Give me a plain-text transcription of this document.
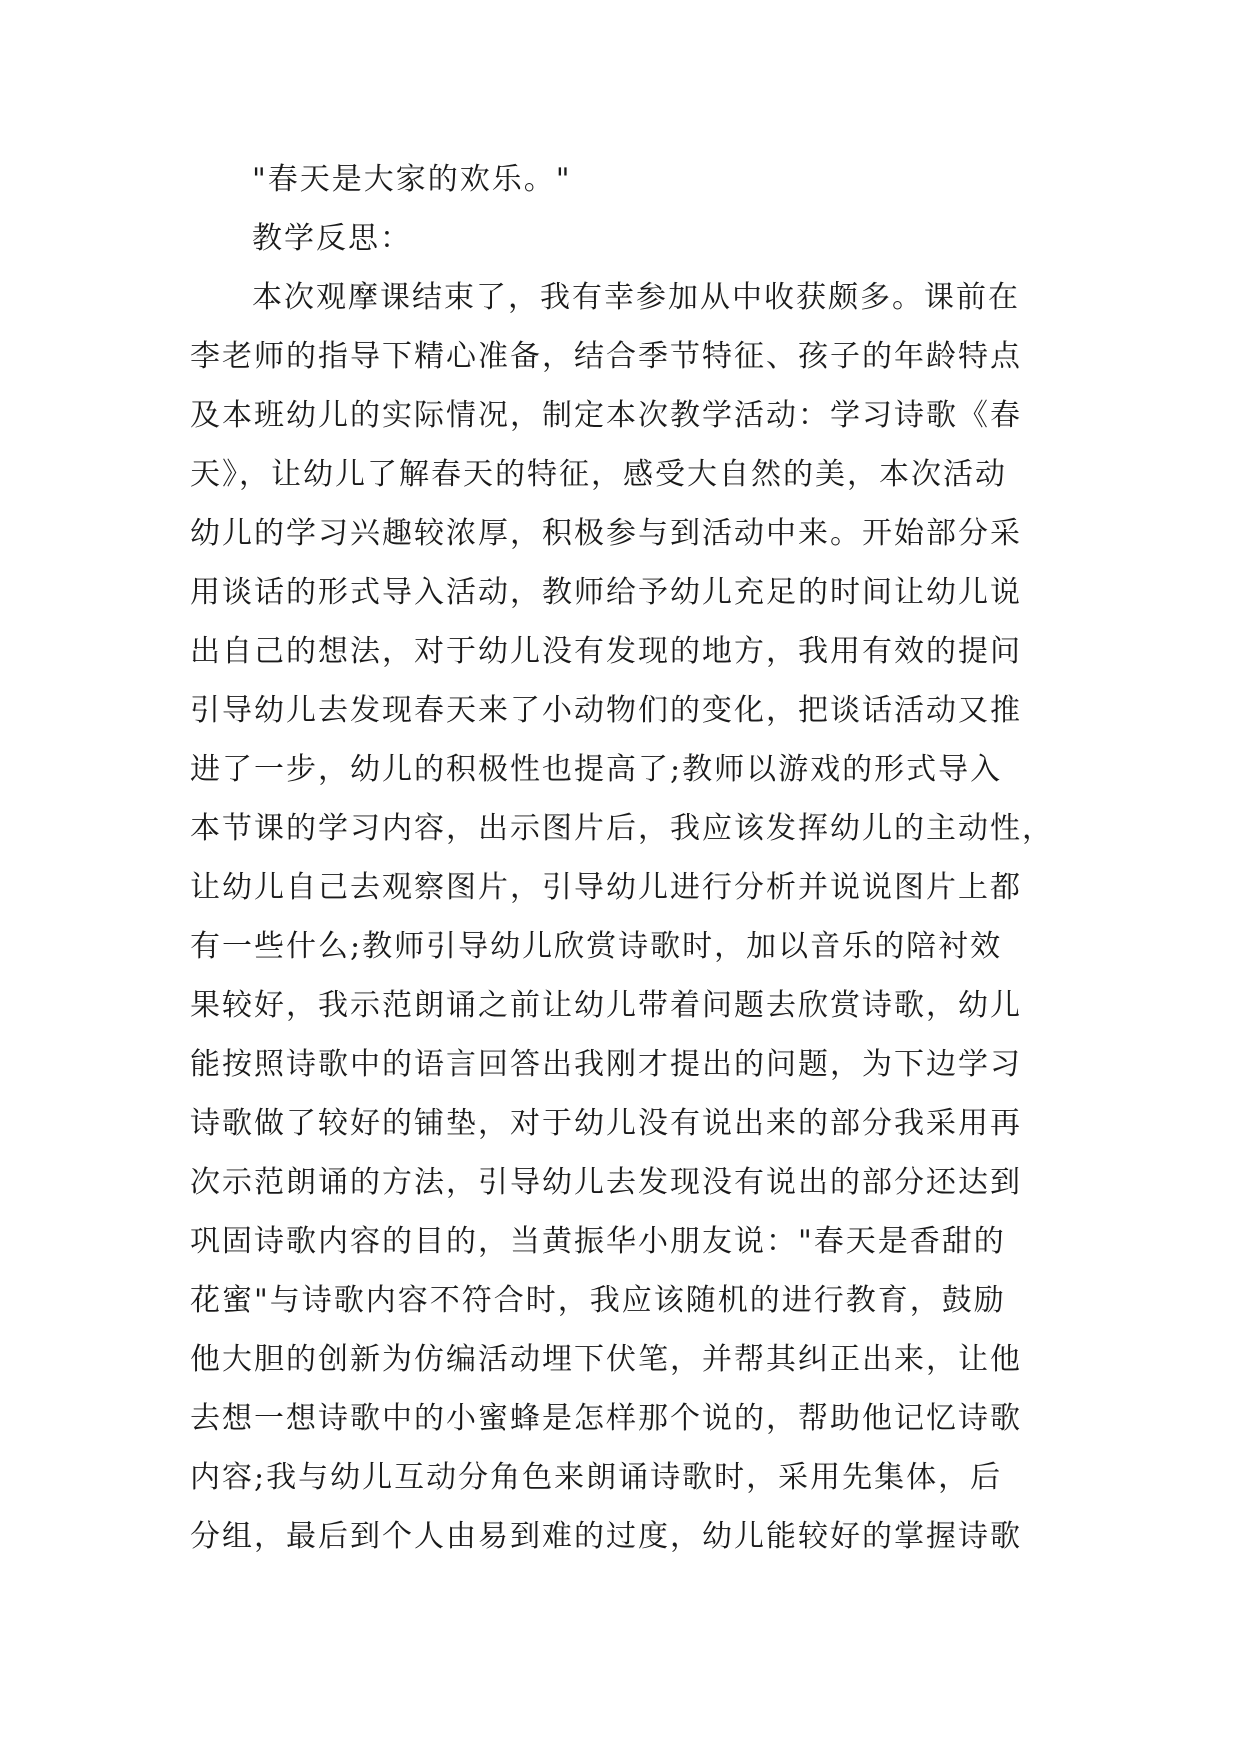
"春天是大家的欢乐。"
教学反思：
本次观摩课结束了，我有幸参加从中收获颇多。课前在
李老师的指导下精心准备，结合季节特征、孩子的年龄特点
及本班幼儿的实际情况，制定本次教学活动：学习诗歌《春
天》，让幼儿了解春天的特征，感受大自然的美，本次活动
幼儿的学习兴趣较浓厚，积极参与到活动中来。开始部分采
用谈话的形式导入活动，教师给予幼儿充足的时间让幼儿说
出自己的想法，对于幼儿没有发现的地方，我用有效的提问
引导幼儿去发现春天来了小动物们的变化，把谈话活动又推
进了一步，幼儿的积极性也提高了;教师以游戏的形式导入
本节课的学习内容，出示图片后，我应该发挥幼儿的主动性，
让幼儿自己去观察图片，引导幼儿进行分析并说说图片上都
有一些什么;教师引导幼儿欣赏诗歌时，加以音乐的陪衬效
果较好，我示范朗诵之前让幼儿带着问题去欣赏诗歌，幼儿
能按照诗歌中的语言回答出我刚才提出的问题，为下边学习
诗歌做了较好的铺垫，对于幼儿没有说出来的部分我采用再
次示范朗诵的方法，引导幼儿去发现没有说出的部分还达到
巩固诗歌内容的目的，当黄振华小朋友说："春天是香甜的
花蜜"与诗歌内容不符合时，我应该随机的进行教育，鼓励
他大胆的创新为仿编活动埋下伏笔，并帮其纠正出来，让他
去想一想诗歌中的小蜜蜂是怎样那个说的，帮助他记忆诗歌
内容;我与幼儿互动分角色来朗诵诗歌时，采用先集体，后
分组，最后到个人由易到难的过度，幼儿能较好的掌握诗歌
